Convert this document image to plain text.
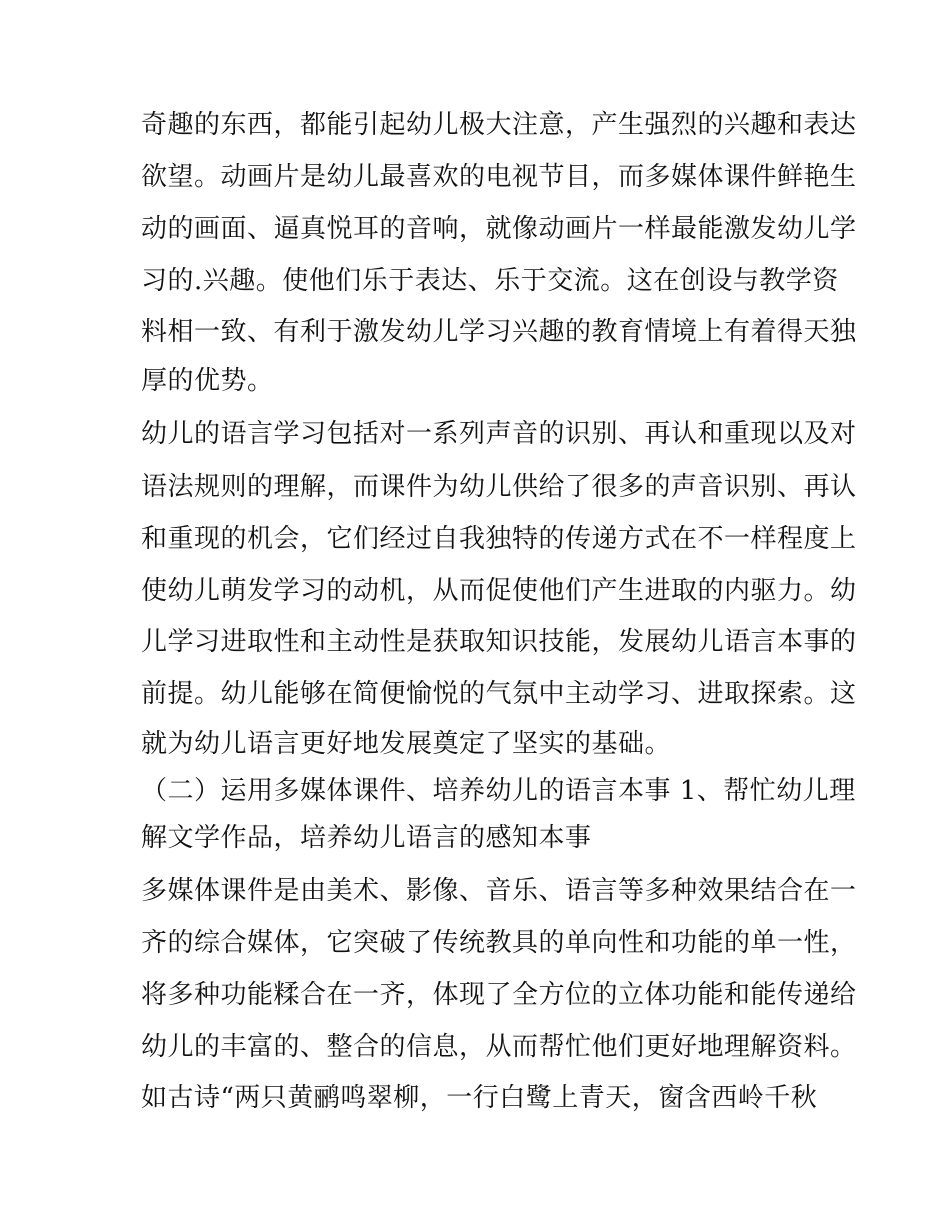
奇趣的东西，都能引起幼儿极大注意，产生强烈的兴趣和表达
欲望。动画片是幼儿最喜欢的电视节目，而多媒体课件鲜艳生
动的画面、逼真悦耳的音响，就像动画片一样最能激发幼儿学
习的.兴趣。使他们乐于表达、乐于交流。这在创设与教学资
料相一致、有利于激发幼儿学习兴趣的教育情境上有着得天独
厚的优势。
幼儿的语言学习包括对一系列声音的识别、再认和重现以及对
语法规则的理解，而课件为幼儿供给了很多的声音识别、再认
和重现的机会，它们经过自我独特的传递方式在不一样程度上
使幼儿萌发学习的动机，从而促使他们产生进取的内驱力。幼
儿学习进取性和主动性是获取知识技能，发展幼儿语言本事的
前提。幼儿能够在简便愉悦的气氛中主动学习、进取探索。这
就为幼儿语言更好地发展奠定了坚实的基础。
（二）运用多媒体课件、培养幼儿的语言本事 1、帮忙幼儿理
解文学作品，培养幼儿语言的感知本事
多媒体课件是由美术、影像、音乐、语言等多种效果结合在一
齐的综合媒体，它突破了传统教具的单向性和功能的单一性，
将多种功能糅合在一齐，体现了全方位的立体功能和能传递给
幼儿的丰富的、整合的信息，从而帮忙他们更好地理解资料。
如古诗“两只黄鹂鸣翠柳，一行白鹭上青天，窗含西岭千秋
